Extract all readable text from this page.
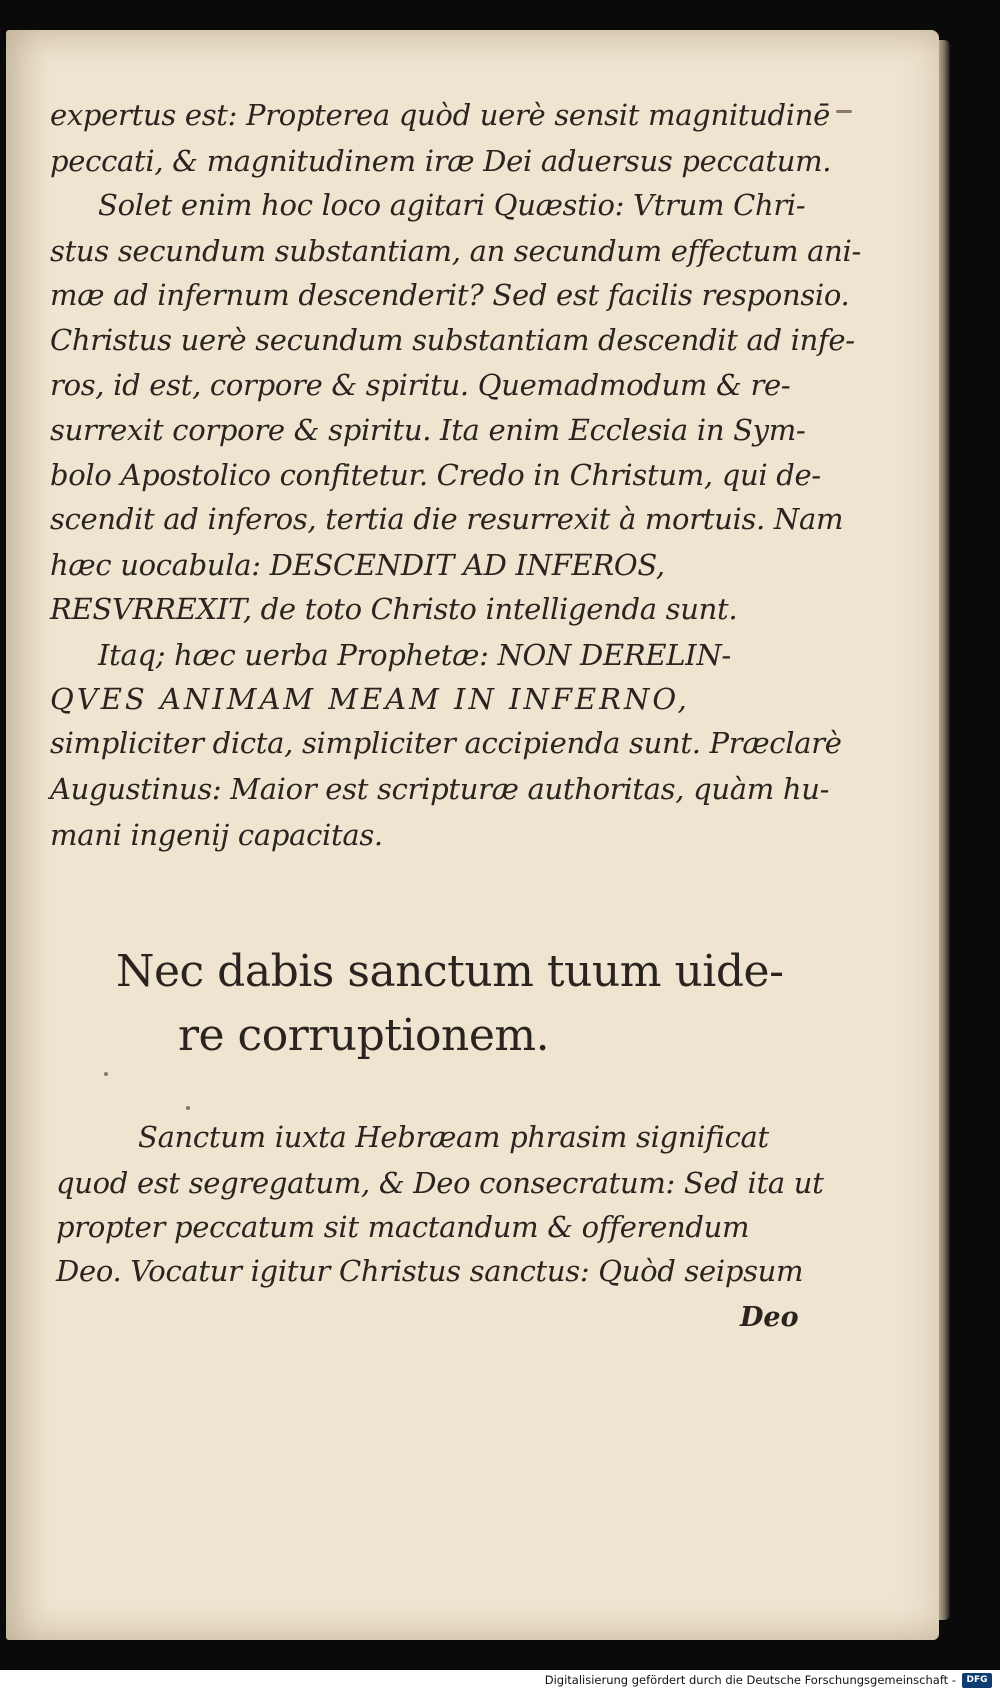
expertus est: Propterea quòd uerè sensit magnitudinē
peccati, & magnitudinem iræ Dei aduersus peccatum.
Solet enim hoc loco agitari Quæstio: Vtrum Chri-
stus secundum substantiam, an secundum effectum ani-
mæ ad infernum descenderit? Sed est facilis responsio.
Christus uerè secundum substantiam descendit ad infe-
ros, id est, corpore & spiritu. Quemadmodum & re-
surrexit corpore & spiritu. Ita enim Ecclesia in Sym-
bolo Apostolico confitetur. Credo in Christum, qui de-
scendit ad inferos, tertia die resurrexit à mortuis. Nam
hæc uocabula: DESCENDIT AD INFEROS,
RESVRREXIT, de toto Christo intelligenda sunt.
Itaq; hæc uerba Prophetæ: NON DERELIN-
QVES ANIMAM MEAM IN INFERNO,
simpliciter dicta, simpliciter accipienda sunt. Præclarè
Augustinus: Maior est scripturæ authoritas, quàm hu-
mani ingenij capacitas.
Nec dabis sanctum tuum uide-
re corruptionem.
Sanctum iuxta Hebræam phrasim significat
quod est segregatum, & Deo consecratum: Sed ita ut
propter peccatum sit mactandum & offerendum
Deo. Vocatur igitur Christus sanctus: Quòd seipsum
Deo
Digitalisierung gefördert durch die Deutsche Forschungsgemeinschaft -	DFG
